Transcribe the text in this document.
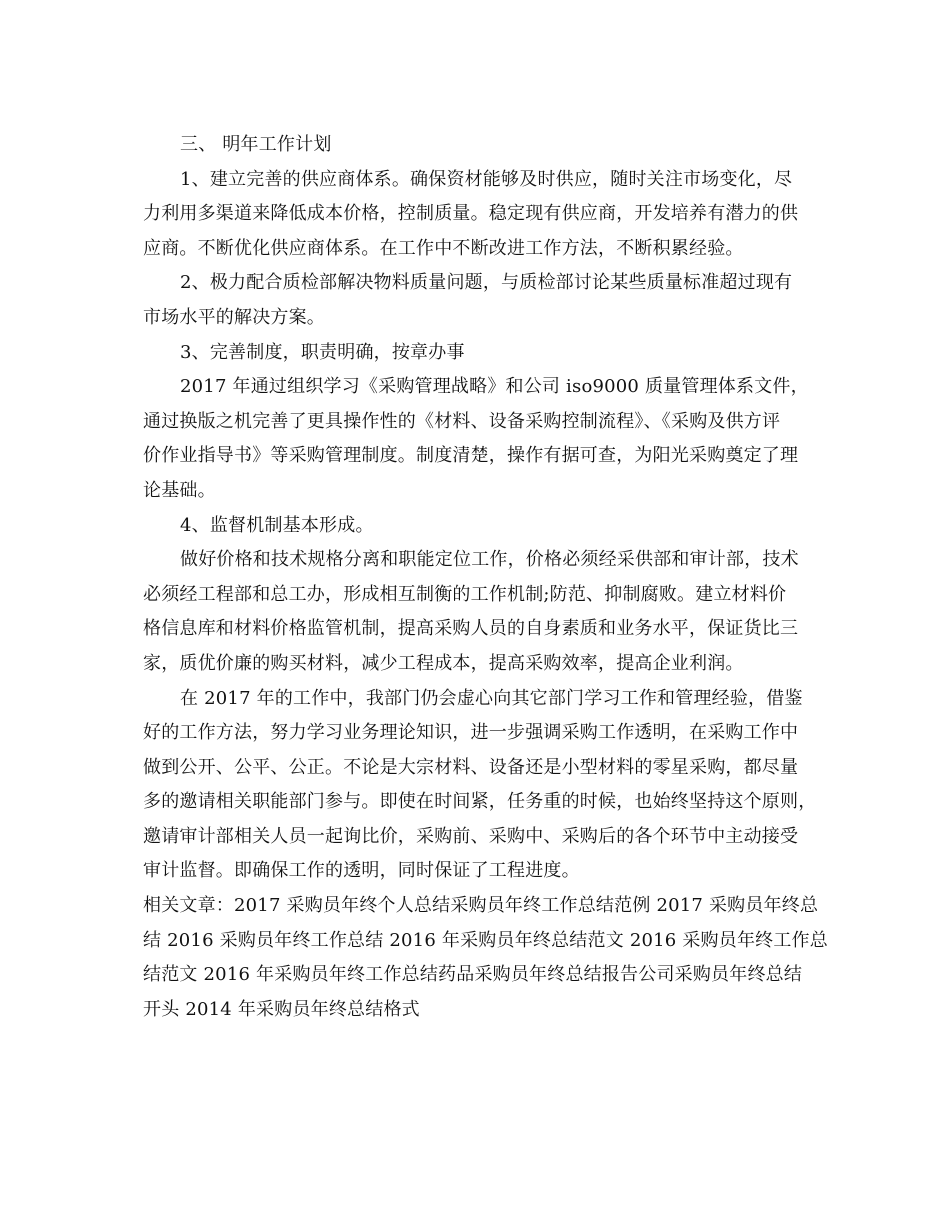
三、 明年工作计划
1、建立完善的供应商体系。确保资材能够及时供应，随时关注市场变化，尽
力利用多渠道来降低成本价格，控制质量。稳定现有供应商，开发培养有潜力的供
应商。不断优化供应商体系。在工作中不断改进工作方法，不断积累经验。
2、极力配合质检部解决物料质量问题，与质检部讨论某些质量标准超过现有
市场水平的解决方案。
3、完善制度，职责明确，按章办事
2017 年通过组织学习《采购管理战略》和公司 iso9000 质量管理体系文件，
通过换版之机完善了更具操作性的《材料、设备采购控制流程》、《采购及供方评
价作业指导书》等采购管理制度。制度清楚，操作有据可查，为阳光采购奠定了理
论基础。
4、监督机制基本形成。
做好价格和技术规格分离和职能定位工作，价格必须经采供部和审计部，技术
必须经工程部和总工办，形成相互制衡的工作机制;防范、抑制腐败。建立材料价
格信息库和材料价格监管机制，提高采购人员的自身素质和业务水平，保证货比三
家，质优价廉的购买材料，减少工程成本，提高采购效率，提高企业利润。
在 2017 年的工作中，我部门仍会虚心向其它部门学习工作和管理经验，借鉴
好的工作方法，努力学习业务理论知识，进一步强调采购工作透明，在采购工作中
做到公开、公平、公正。不论是大宗材料、设备还是小型材料的零星采购，都尽量
多的邀请相关职能部门参与。即使在时间紧，任务重的时候，也始终坚持这个原则，
邀请审计部相关人员一起询比价，采购前、采购中、采购后的各个环节中主动接受
审计监督。即确保工作的透明，同时保证了工程进度。
相关文章：2017 采购员年终个人总结采购员年终工作总结范例 2017 采购员年终总
结 2016 采购员年终工作总结 2016 年采购员年终总结范文 2016 采购员年终工作总
结范文 2016 年采购员年终工作总结药品采购员年终总结报告公司采购员年终总结
开头 2014 年采购员年终总结格式
